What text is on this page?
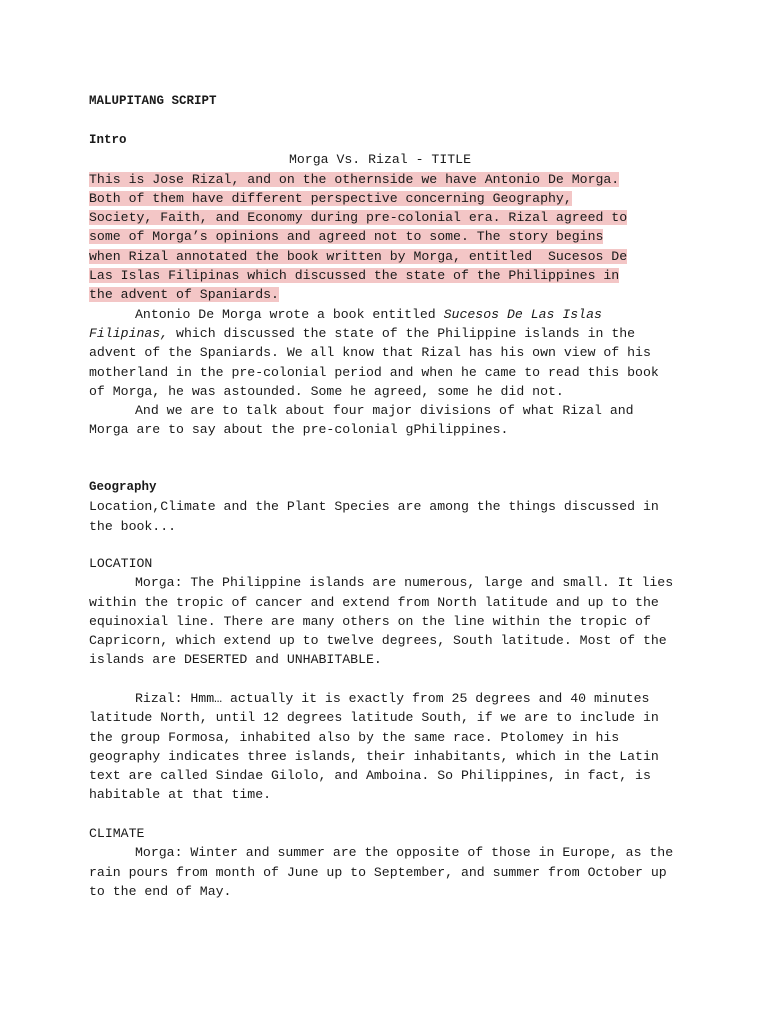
MALUPITANG SCRIPT

Intro

Morga Vs. Rizal - TITLE

This is Jose Rizal, and on the othernside we have Antonio De Morga.

Both of them have different perspective concerning Geography,

Society, Faith, and Economy during pre-colonial era. Rizal agreed to

some of Morga’s opinions and agreed not to some. The story begins

when Rizal annotated the book written by Morga, entitled  Sucesos De

Las Islas Filipinas which discussed the state of the Philippines in

the advent of Spaniards.

Antonio De Morga wrote a book entitled Sucesos De Las Islas Filipinas, which discussed the state of the Philippine islands in the advent of the Spaniards. We all know that Rizal has his own view of his motherland in the pre-colonial period and when he came to read this book of Morga, he was astounded. Some he agreed, some he did not.

And we are to talk about four major divisions of what Rizal and Morga are to say about the pre-colonial gPhilippines.

Geography

Location,Climate and the Plant Species are among the things discussed in the book...

LOCATION

Morga: The Philippine islands are numerous, large and small. It lies within the tropic of cancer and extend from North latitude and up to the equinoxial line. There are many others on the line within the tropic of Capricorn, which extend up to twelve degrees, South latitude. Most of the islands are DESERTED and UNHABITABLE.

Rizal: Hmm… actually it is exactly from 25 degrees and 40 minutes latitude North, until 12 degrees latitude South, if we are to include in the group Formosa, inhabited also by the same race. Ptolomey in his geography indicates three islands, their inhabitants, which in the Latin text are called Sindae Gilolo, and Amboina. So Philippines, in fact, is habitable at that time.

CLIMATE

Morga: Winter and summer are the opposite of those in Europe, as the rain pours from month of June up to September, and summer from October up to the end of May.
